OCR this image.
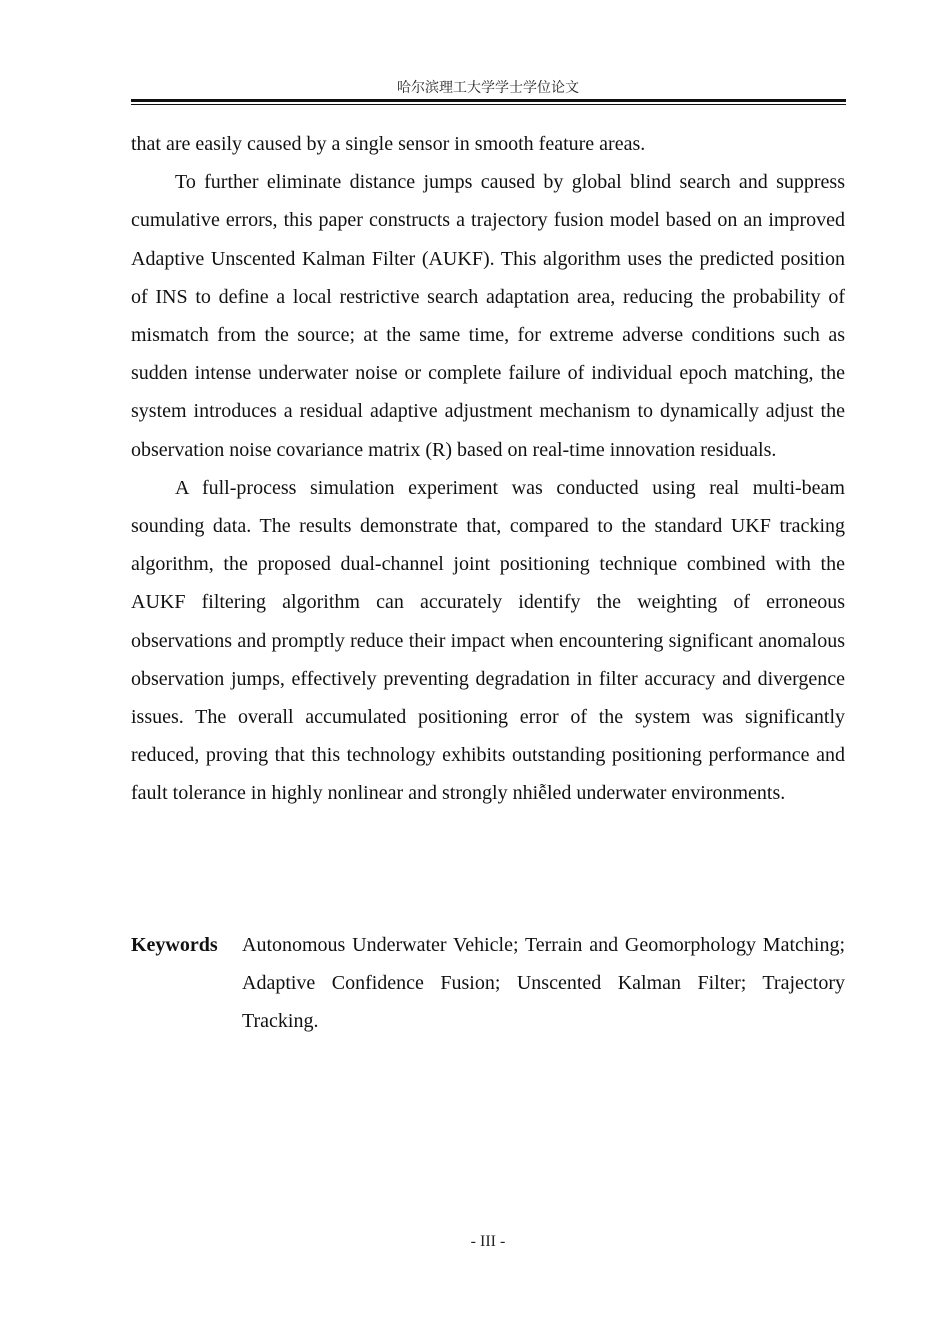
哈尔滨理工大学学士学位论文

that are easily caused by a single sensor in smooth feature areas.

To further eliminate distance jumps caused by global blind search and suppress cumulative errors, this paper constructs a trajectory fusion model based on an improved Adaptive Unscented Kalman Filter (AUKF). This algorithm uses the predicted position of INS to define a local restrictive search adaptation area, reducing the probability of mismatch from the source; at the same time, for extreme adverse conditions such as sudden intense underwater noise or complete failure of individual epoch matching, the system introduces a residual adaptive adjustment mechanism to dynamically adjust the observation noise covariance matrix (R) based on real-time innovation residuals.

A full-process simulation experiment was conducted using real multi-beam sounding data. The results demonstrate that, compared to the standard UKF tracking algorithm, the proposed dual-channel joint positioning technique combined with the AUKF filtering algorithm can accurately identify the weighting of erroneous observations and promptly reduce their impact when encountering significant anomalous observation jumps, effectively preventing degradation in filter accuracy and divergence issues. The overall accumulated positioning error of the system was significantly reduced, proving that this technology exhibits outstanding positioning performance and fault tolerance in highly nonlinear and strongly nhiễled underwater environments.

Keywords	Autonomous Underwater Vehicle; Terrain and Geomorphology Matching; Adaptive Confidence Fusion; Unscented Kalman Filter; Trajectory Tracking.
- III -
